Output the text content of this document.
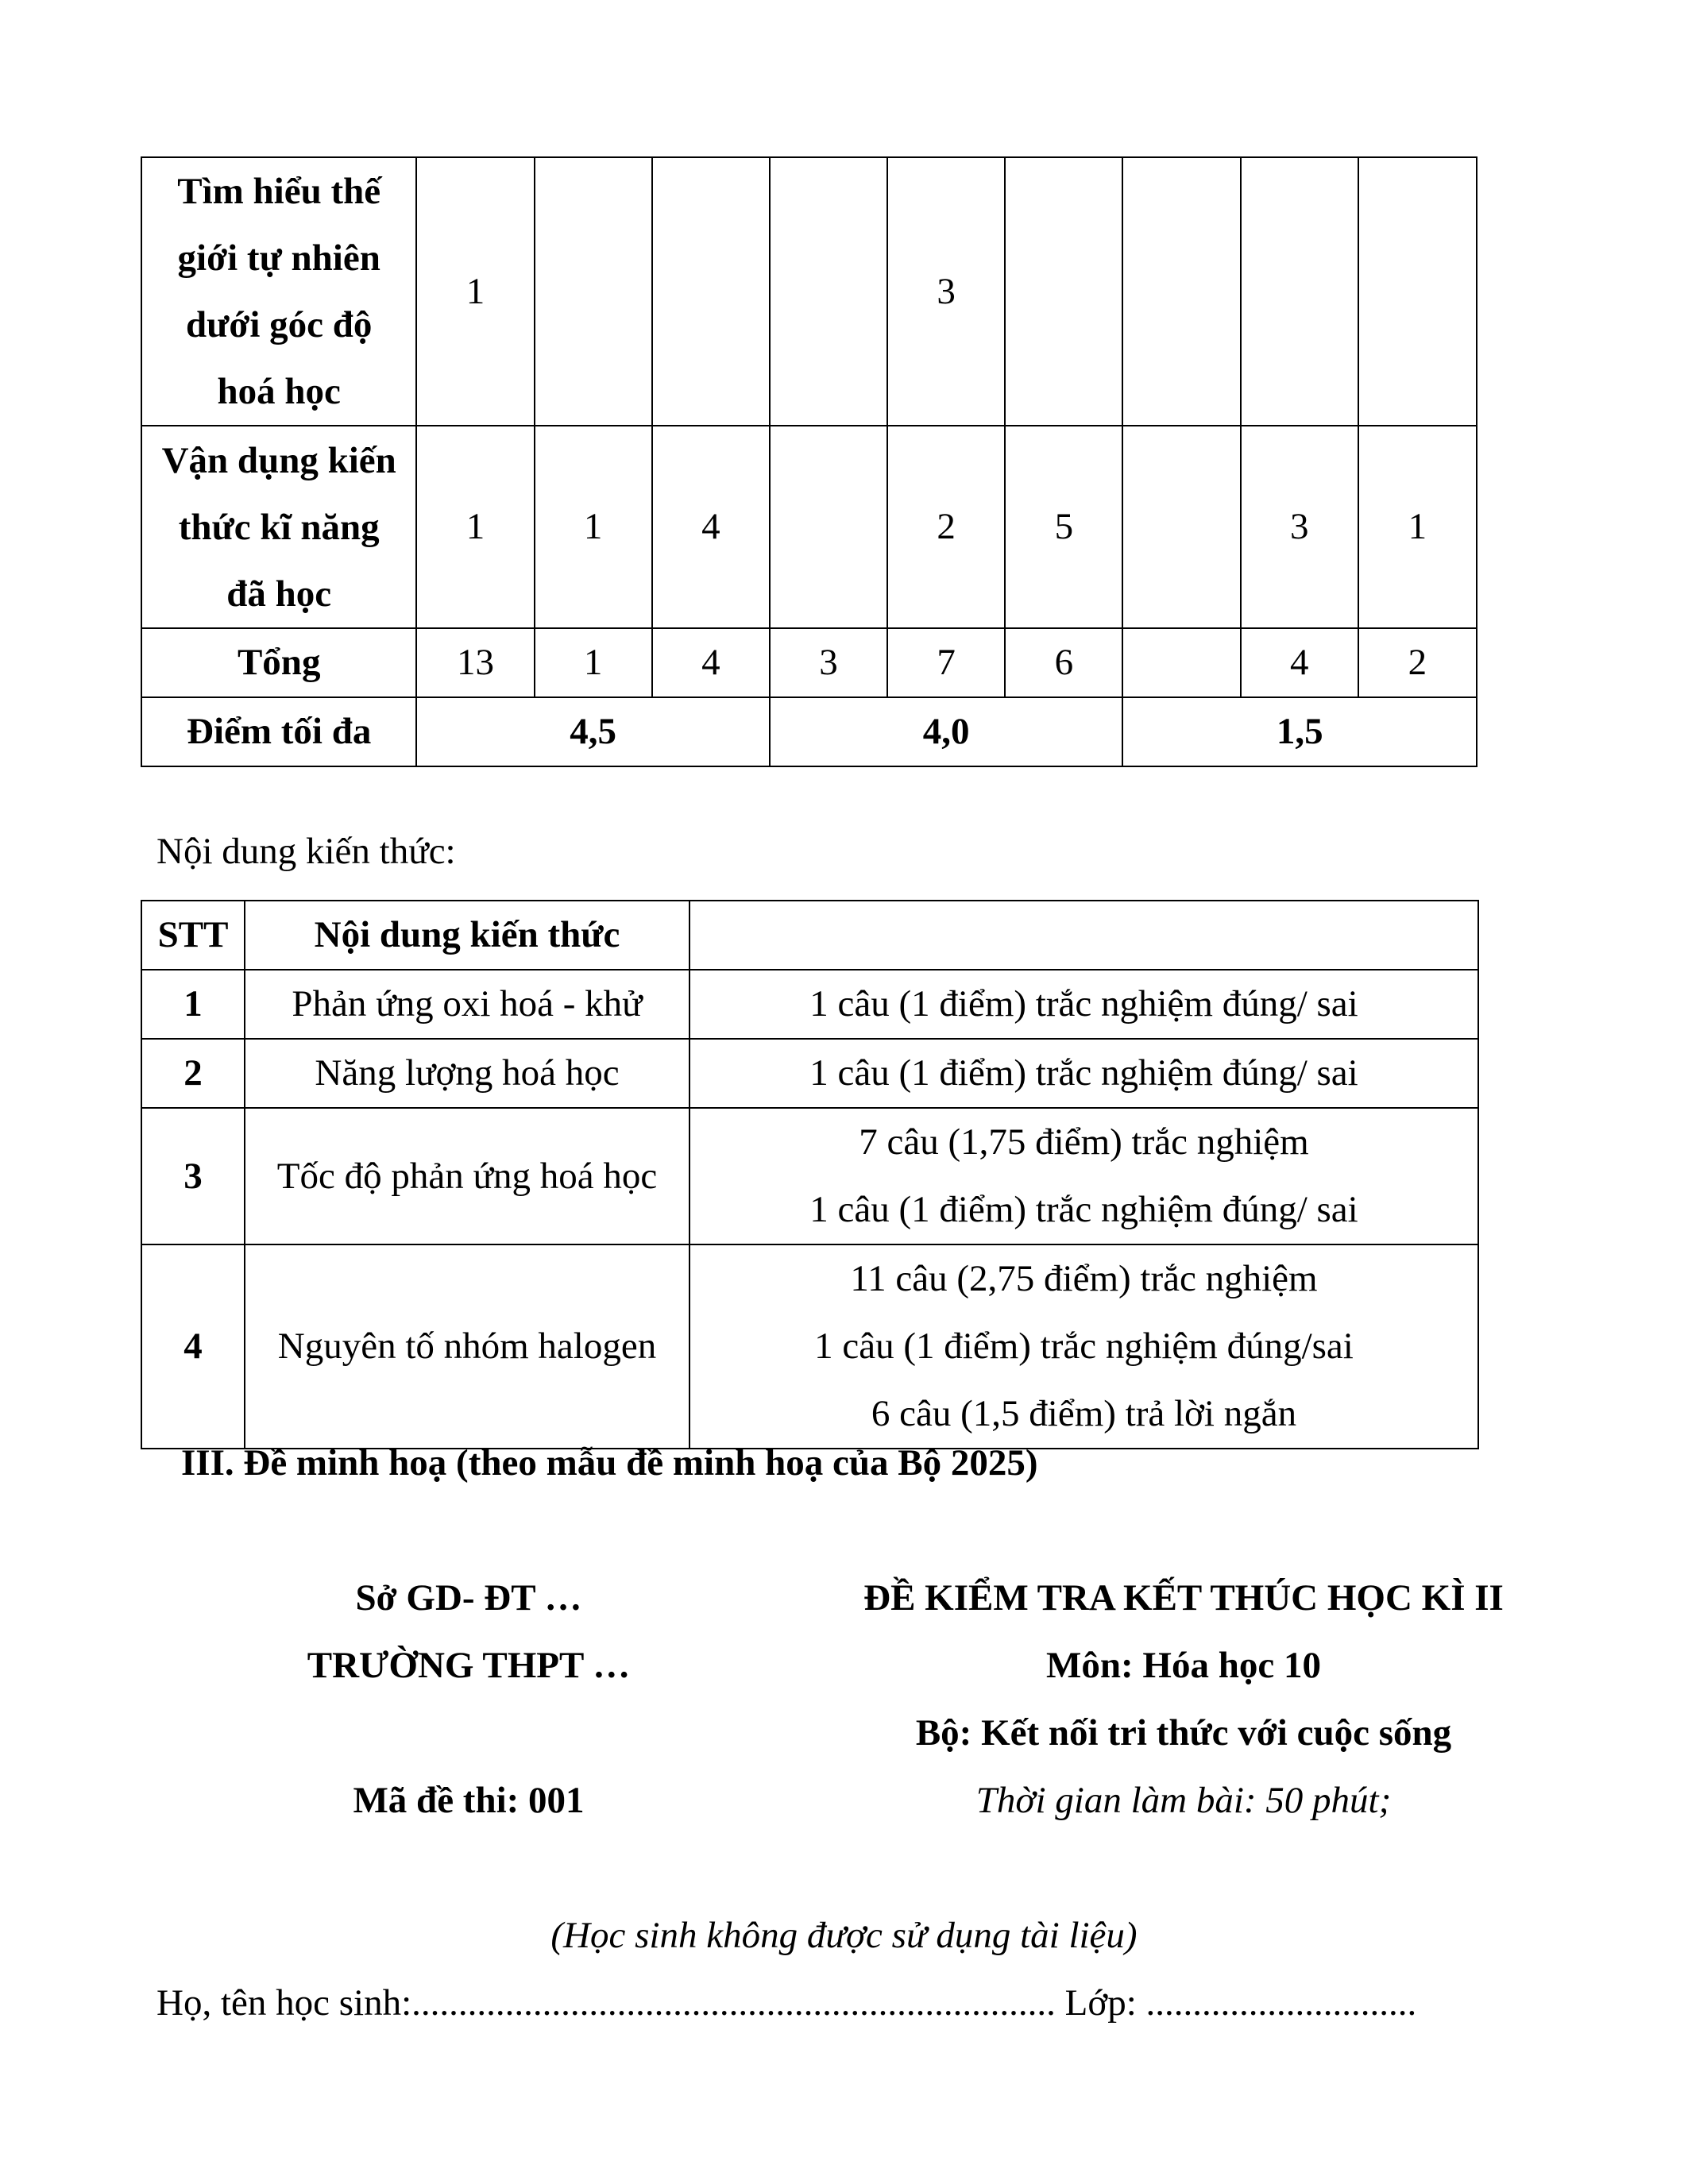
Tìm hiểu thế giới tự nhiên dưới góc độ hoá học	1				3				
Vận dụng kiến thức kĩ năng đã học	1	1	4		2	5		3	1
Tổng	13	1	4	3	7	6		4	2
Điểm tối đa	4,5			4,0			1,5		
Nội dung kiến thức:
STT	Nội dung kiến thức	
1	Phản ứng oxi hoá - khử	1 câu (1 điểm) trắc nghiệm đúng/ sai

2	Năng lượng hoá học	1 câu (1 điểm) trắc nghiệm đúng/ sai

3	Tốc độ phản ứng hoá học	7 câu (1,75 điểm) trắc nghiệm
1 câu (1 điểm) trắc nghiệm đúng/ sai

4	Nguyên tố nhóm halogen	11 câu (2,75 điểm) trắc nghiệm
1 câu (1 điểm) trắc nghiệm đúng/sai
6 câu (1,5 điểm) trả lời ngắn
III. Đề minh hoạ (theo mẫu đề minh hoạ của Bộ 2025)
Sở GD- ĐT …
TRƯỜNG THPT …
Mã đề thi: 001
ĐỀ KIỂM TRA KẾT THÚC HỌC KÌ II
Môn: Hóa học 10
Bộ: Kết nối tri thức với cuộc sống
Thời gian làm bài: 50 phút;
(Học sinh không được sử dụng tài liệu)
Họ, tên học sinh:..................................................................... Lớp: .............................
